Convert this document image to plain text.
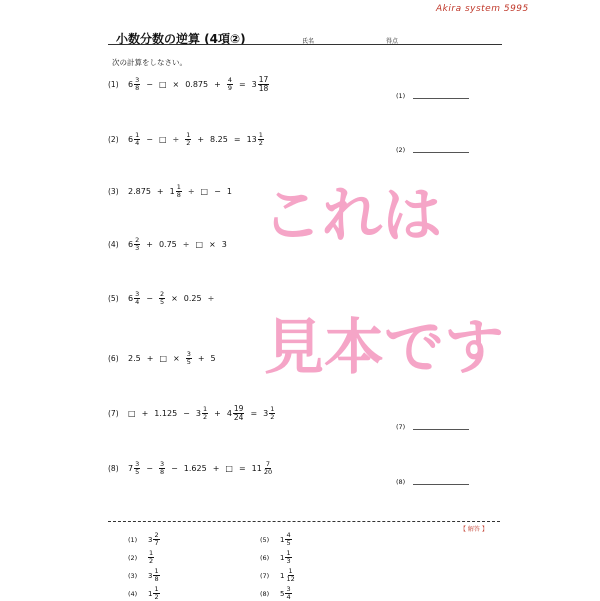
Akira system 5995
小数分数の逆算 (4項②)	氏名	得点
次の計算をしなさい。
(1)	$6 \frac{3}{8}$ − □ × $0.875 + \frac{4}{9} = 3 \frac{17}{18}$
(1)
(2)	$6 \frac{1}{4}$ − □ ÷ $\frac{1}{2} + 8.25 = 13 \frac{1}{2}$
(2)
(3)	$2.875 + 1 \frac{1}{8}$ ÷ □ − 1
(4)	$6 \frac{2}{3} + 0.75$ ÷ □ × 3
(5)	$6 \frac{3}{4} - \frac{2}{5} \times 0.25$ ÷
(6)	2.5 + □ × $\frac{3}{5} + 5$
(7)	□ + $1.125 - 3 \frac{1}{2} + 4 \frac{19}{24} = 3 \frac{1}{2}$
(7)
(8)	$7 \frac{3}{5} - \frac{3}{8} - 1.625$ + □ = $11 \frac{7}{20}$
(8)
【 解答 】
(1)	$3 \frac{2}{7}$
(2)	$\frac{1}{2}$
(3)	$3 \frac{1}{8}$
(4)	$1 \frac{1}{2}$
(5)	$1 \frac{4}{5}$
(6)	$1 \frac{1}{3}$
(7)	$1 \frac{1}{12}$
(8)	$5 \frac{3}{4}$
これは
見本です
